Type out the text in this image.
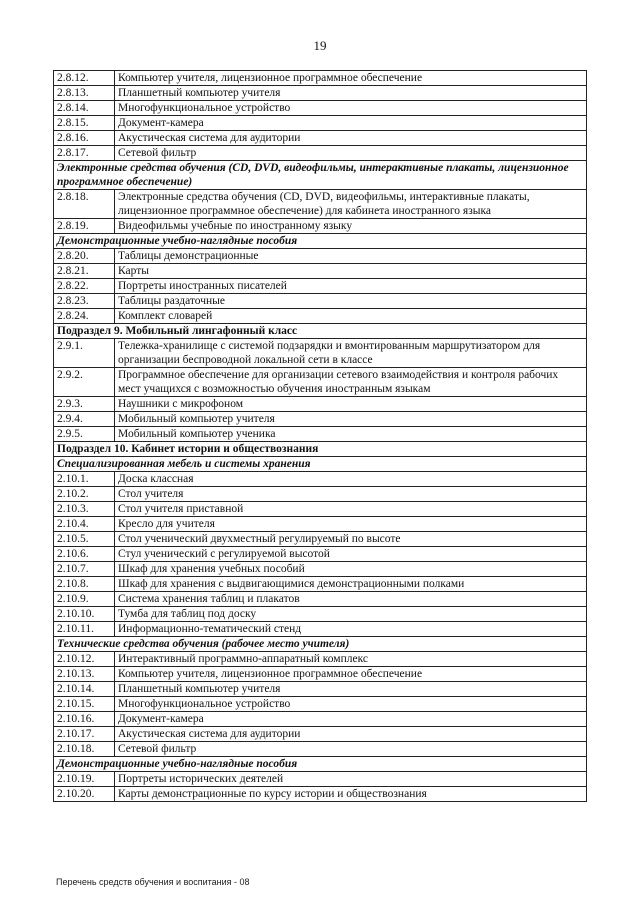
19
2.8.12.	Компьютер учителя, лицензионное программное обеспечение
2.8.13.	Планшетный компьютер учителя
2.8.14.	Многофункциональное устройство
2.8.15.	Документ-камера
2.8.16.	Акустическая система для аудитории
2.8.17.	Сетевой фильтр
Электронные средства обучения (CD, DVD, видеофильмы, интерактивные плакаты, лицензионное программное обеспечение)	
2.8.18.	Электронные средства обучения (CD, DVD, видеофильмы, интерактивные плакаты, лицензионное программное обеспечение) для кабинета иностранного языка
2.8.19.	Видеофильмы учебные по иностранному языку
Демонстрационные учебно-наглядные пособия	
2.8.20.	Таблицы демонстрационные
2.8.21.	Карты
2.8.22.	Портреты иностранных писателей
2.8.23.	Таблицы раздаточные
2.8.24.	Комплект словарей
Подраздел 9. Мобильный лингафонный класс	
2.9.1.	Тележка-хранилище с системой подзарядки и вмонтированным маршрутизатором для организации беспроводной локальной сети в классе
2.9.2.	Программное обеспечение для организации сетевого взаимодействия и контроля рабочих мест учащихся с возможностью обучения иностранным языкам
2.9.3.	Наушники с микрофоном
2.9.4.	Мобильный компьютер учителя
2.9.5.	Мобильный компьютер ученика
Подраздел 10. Кабинет истории и обществознания	
Специализированная мебель и системы хранения	
2.10.1.	Доска классная
2.10.2.	Стол учителя
2.10.3.	Стол учителя приставной
2.10.4.	Кресло для учителя
2.10.5.	Стол ученический двухместный регулируемый по высоте
2.10.6.	Стул ученический с регулируемой высотой
2.10.7.	Шкаф для хранения учебных пособий
2.10.8.	Шкаф для хранения с выдвигающимися демонстрационными полками
2.10.9.	Система хранения таблиц и плакатов
2.10.10.	Тумба для таблиц под доску
2.10.11.	Информационно-тематический стенд
Технические средства обучения (рабочее место учителя)	
2.10.12.	Интерактивный программно-аппаратный комплекс
2.10.13.	Компьютер учителя, лицензионное программное обеспечение
2.10.14.	Планшетный компьютер учителя
2.10.15.	Многофункциональное устройство
2.10.16.	Документ-камера
2.10.17.	Акустическая система для аудитории
2.10.18.	Сетевой фильтр
Демонстрационные учебно-наглядные пособия	
2.10.19.	Портреты исторических деятелей
2.10.20.	Карты демонстрационные по курсу истории и обществознания
Перечень средств обучения и воспитания - 08
